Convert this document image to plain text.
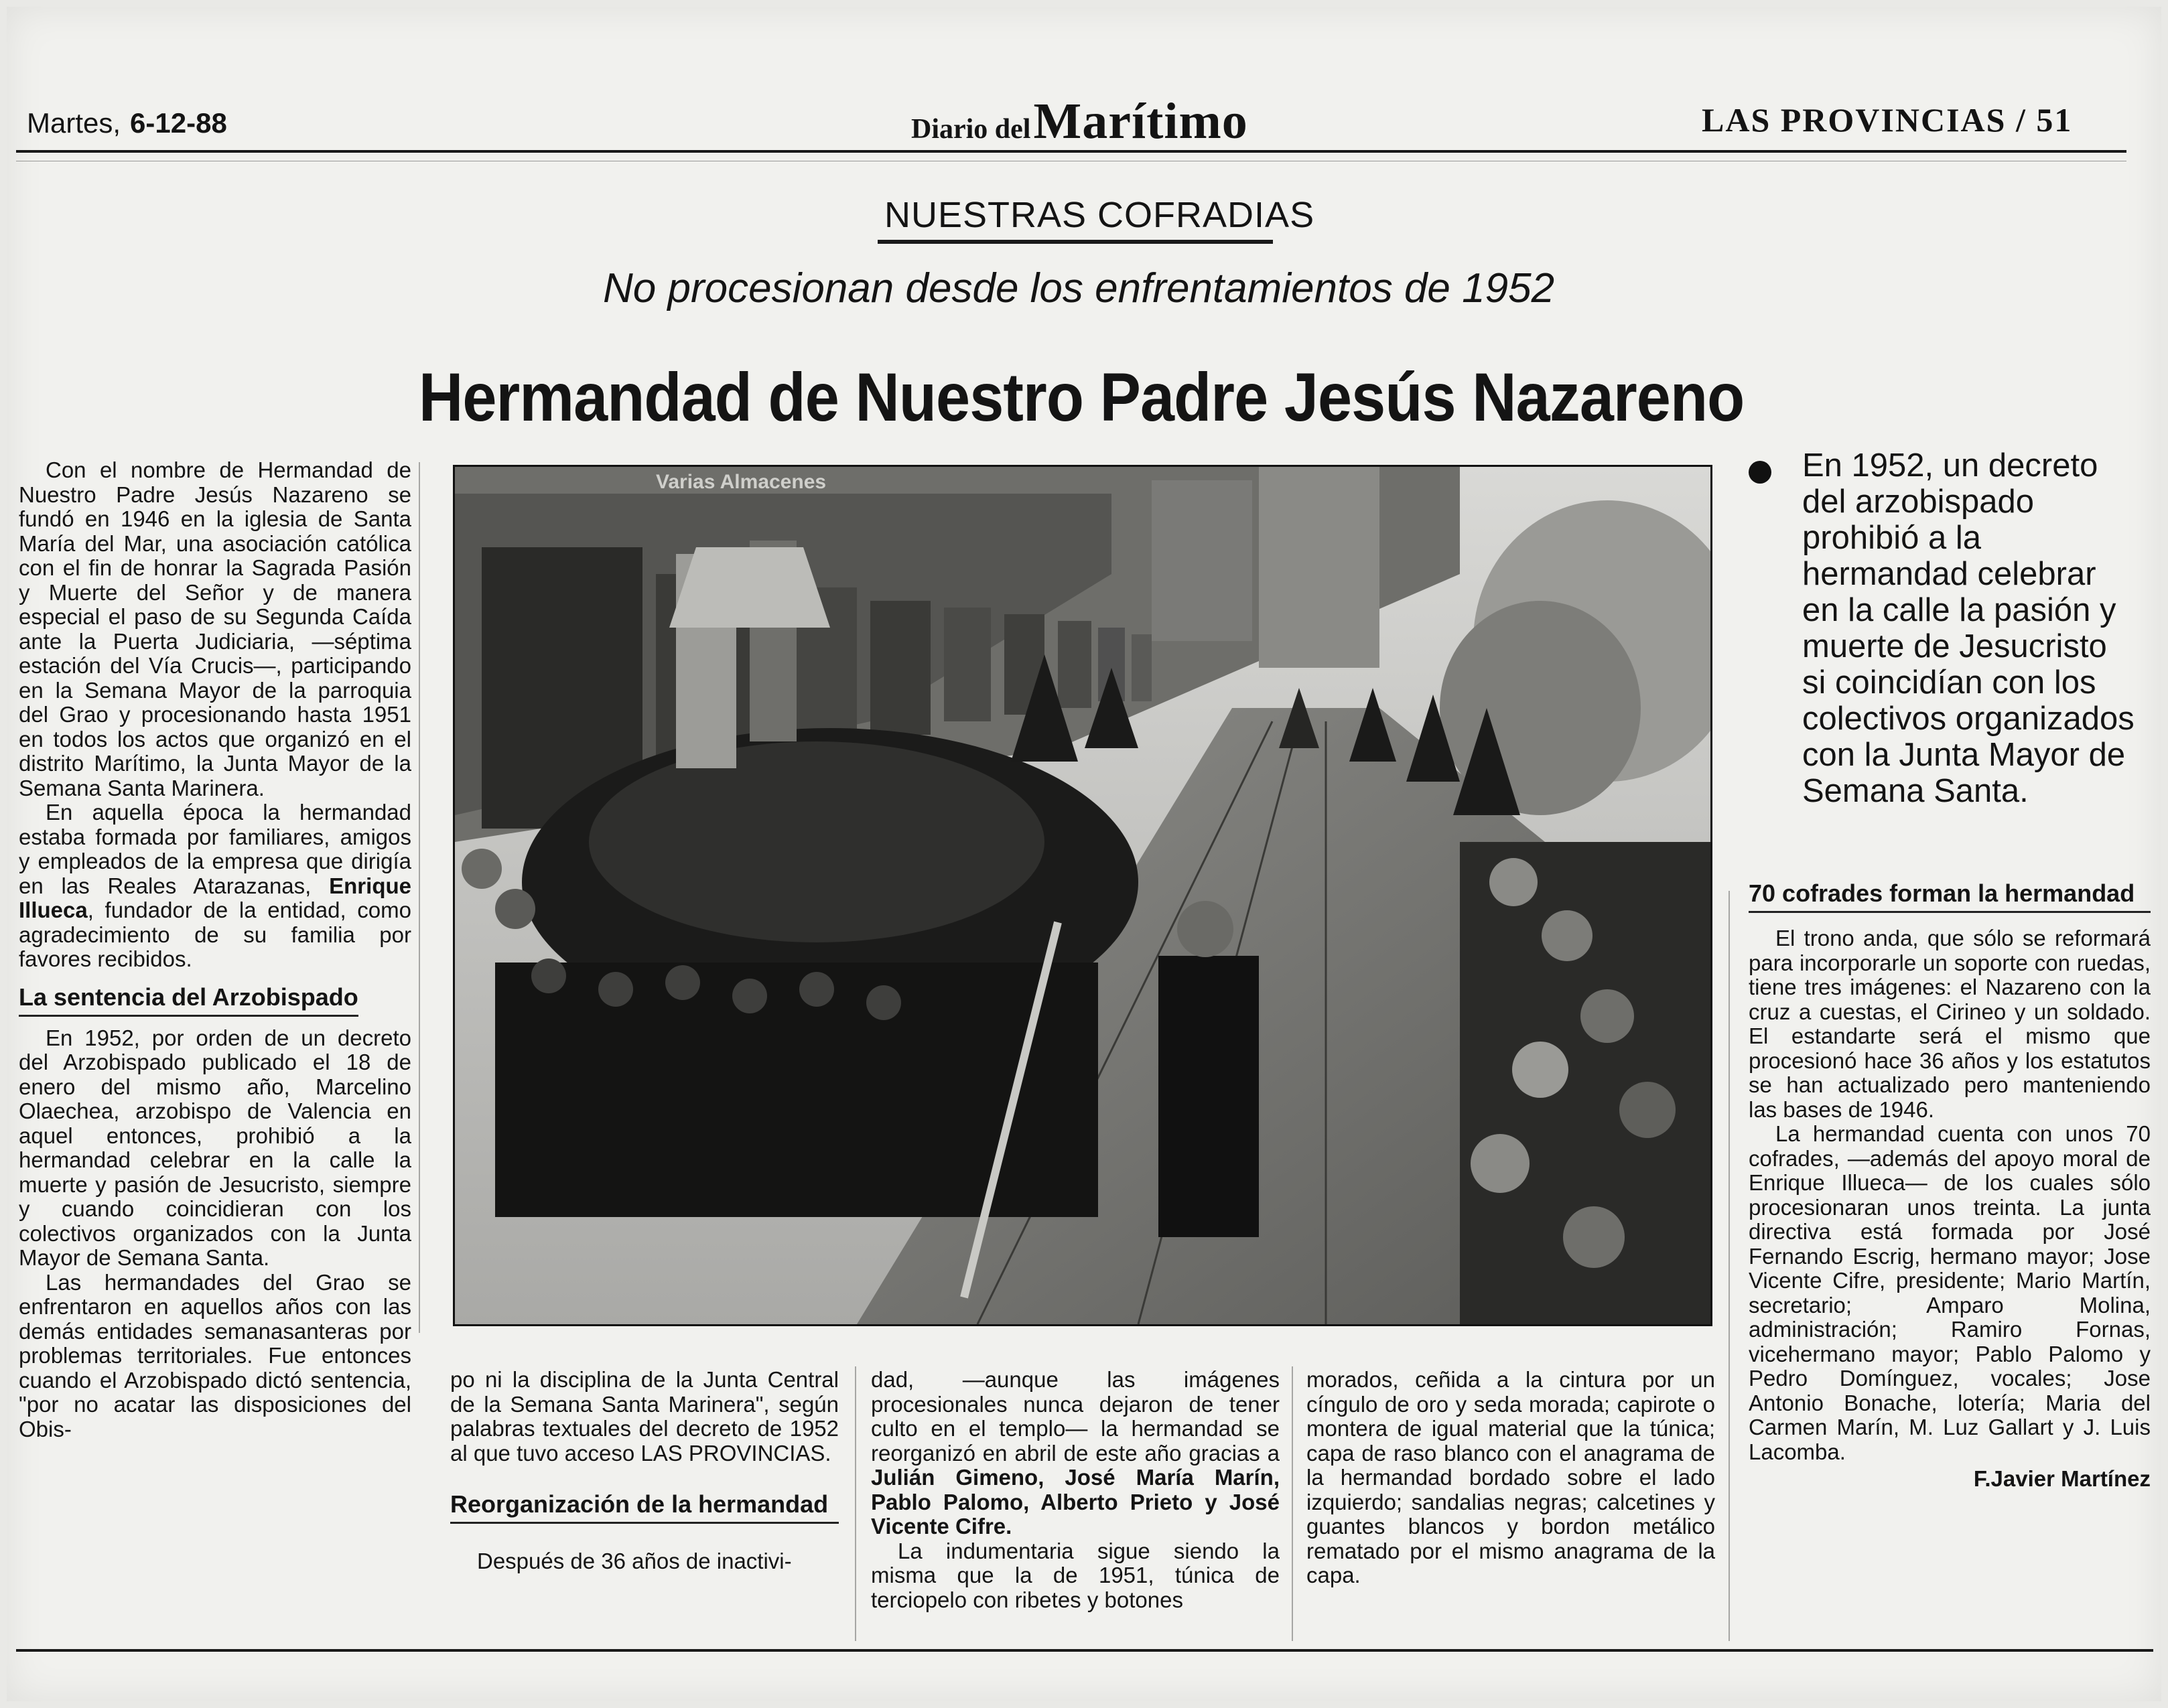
Martes, 6-12-88	Diario del Marítimo	LAS PROVINCIAS / 51
NUESTRAS COFRADIAS
No procesionan desde los enfrentamientos de 1952
Hermandad de Nuestro Padre Jesús Nazareno

Con el nombre de Hermandad de Nuestro Padre Jesús Nazareno se fundó en 1946 en la iglesia de Santa María del Mar, una asociación católica con el fin de honrar la Sagrada Pasión y Muerte del Señor y de manera especial el paso de su Segunda Caída ante la Puerta Judiciaria, —séptima estación del Vía Crucis—, participando en la Semana Mayor de la parroquia del Grao y procesionando hasta 1951 en todos los actos que organizó en el distrito Marítimo, la Junta Mayor de la Semana Santa Marinera.

En aquella época la hermandad estaba formada por familiares, amigos y empleados de la empresa que dirigía en las Reales Atarazanas, Enrique Illueca, fundador de la entidad, como agradecimiento de su familia por favores recibidos.

La sentencia del Arzobispado

En 1952, por orden de un decreto del Arzobispado publicado el 18 de enero del mismo año, Marcelino Olaechea, arzobispo de Valencia en aquel entonces, prohibió a la hermandad celebrar en la calle la muerte y pasión de Jesucristo, siempre y cuando coincidieran con los colectivos organizados con la Junta Mayor de Semana Santa.

Las hermandades del Grao se enfrentaron en aquellos años con las demás entidades semanasanteras por problemas territoriales. Fue entonces cuando el Arzobispado dictó sentencia, "por no acatar las disposiciones del Obis-

Varias Almacenes	En 1952, un decreto del arzobispado prohibió a la hermandad celebrar en la calle la pasión y muerte de Jesucristo si coincidían con los colectivos organizados con la Junta Mayor de Semana Santa.

po ni la disciplina de la Junta Central de la Semana Santa Marinera", según palabras textuales del decreto de 1952 al que tuvo acceso LAS PROVINCIAS.

Reorganización de la hermandad

Después de 36 años de inactivi-

dad, —aunque las imágenes procesionales nunca dejaron de tener culto en el templo— la hermandad se reorganizó en abril de este año gracias a Julián Gimeno, José María Marín, Pablo Palomo, Alberto Prieto y José Vicente Cifre.

La indumentaria sigue siendo la misma que la de 1951, túnica de terciopelo con ribetes y botones

morados, ceñida a la cintura por un cíngulo de oro y seda morada; capirote o montera de igual material que la túnica; capa de raso blanco con el anagrama de la hermandad bordado sobre el lado izquierdo; sandalias negras; calcetines y guantes blancos y bordon metálico rematado por el mismo anagrama de la capa.

70 cofrades forman la hermandad

El trono anda, que sólo se reformará para incorporarle un soporte con ruedas, tiene tres imágenes: el Nazareno con la cruz a cuestas, el Cirineo y un soldado. El estandarte será el mismo que procesionó hace 36 años y los estatutos se han actualizado pero manteniendo las bases de 1946.

La hermandad cuenta con unos 70 cofrades, —además del apoyo moral de Enrique Illueca— de los cuales sólo procesionaran unos treinta. La junta directiva está formada por José Fernando Escrig, hermano mayor; Jose Vicente Cifre, presidente; Mario Martín, secretario; Amparo Molina, administración; Ramiro Fornas, vicehermano mayor; Pablo Palomo y Pedro Domínguez, vocales; Jose Antonio Bonache, lotería; Maria del Carmen Marín, M. Luz Gallart y J. Luis Lacomba.

F.Javier Martínez
